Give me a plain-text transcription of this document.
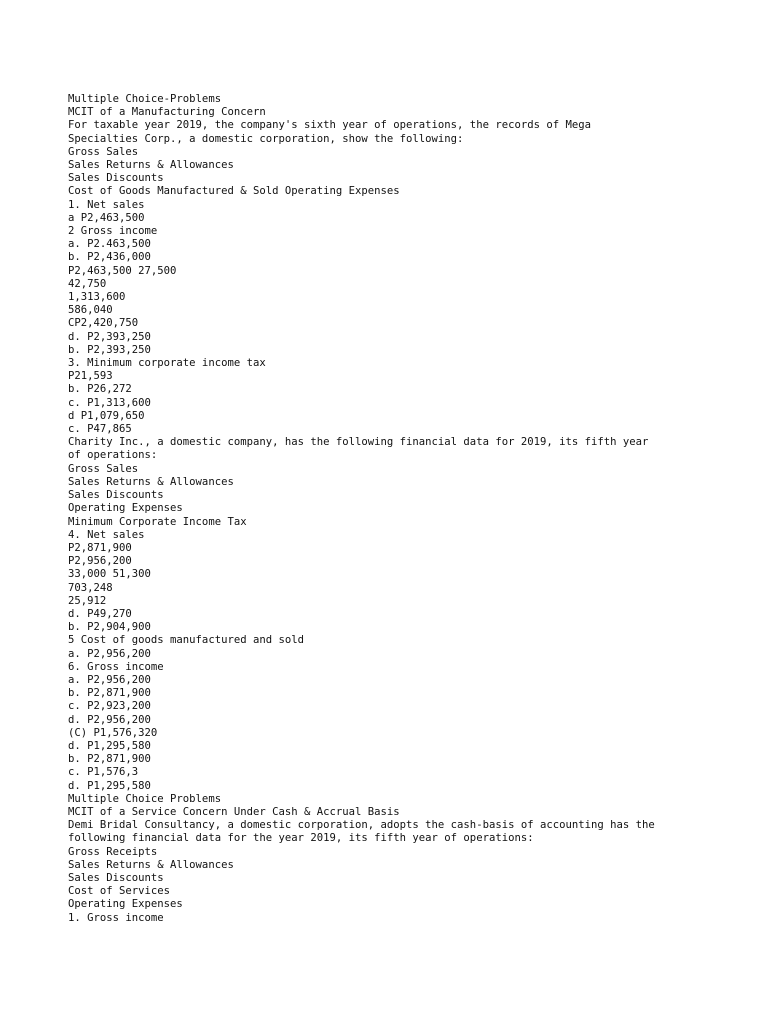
Multiple Choice-Problems

MCIT of a Manufacturing Concern

For taxable year 2019, the company's sixth year of operations, the records of Mega

Specialties Corp., a domestic corporation, show the following:

Gross Sales

Sales Returns & Allowances

Sales Discounts

Cost of Goods Manufactured & Sold Operating Expenses

1. Net sales

a P2,463,500

2 Gross income

a. P2.463,500

b. P2,436,000

P2,463,500 27,500

42,750

1,313,600

586,040

CP2,420,750

d. P2,393,250

b. P2,393,250

3. Minimum corporate income tax

P21,593

b. P26,272

c. P1,313,600

d P1,079,650

c. P47,865

Charity Inc., a domestic company, has the following financial data for 2019, its fifth year

of operations:

Gross Sales

Sales Returns & Allowances

Sales Discounts

Operating Expenses

Minimum Corporate Income Tax

4. Net sales

P2,871,900

P2,956,200

33,000 51,300

703,248

25,912

d. P49,270

b. P2,904,900

5 Cost of goods manufactured and sold

a. P2,956,200

6. Gross income

a. P2,956,200

b. P2,871,900

c. P2,923,200

d. P2,956,200

(C) P1,576,320

d. P1,295,580

b. P2,871,900

c. P1,576,3

d. P1,295,580

Multiple Choice Problems

MCIT of a Service Concern Under Cash & Accrual Basis

Demi Bridal Consultancy, a domestic corporation, adopts the cash-basis of accounting has the

following financial data for the year 2019, its fifth year of operations:

Gross Receipts

Sales Returns & Allowances

Sales Discounts

Cost of Services

Operating Expenses

1. Gross income
